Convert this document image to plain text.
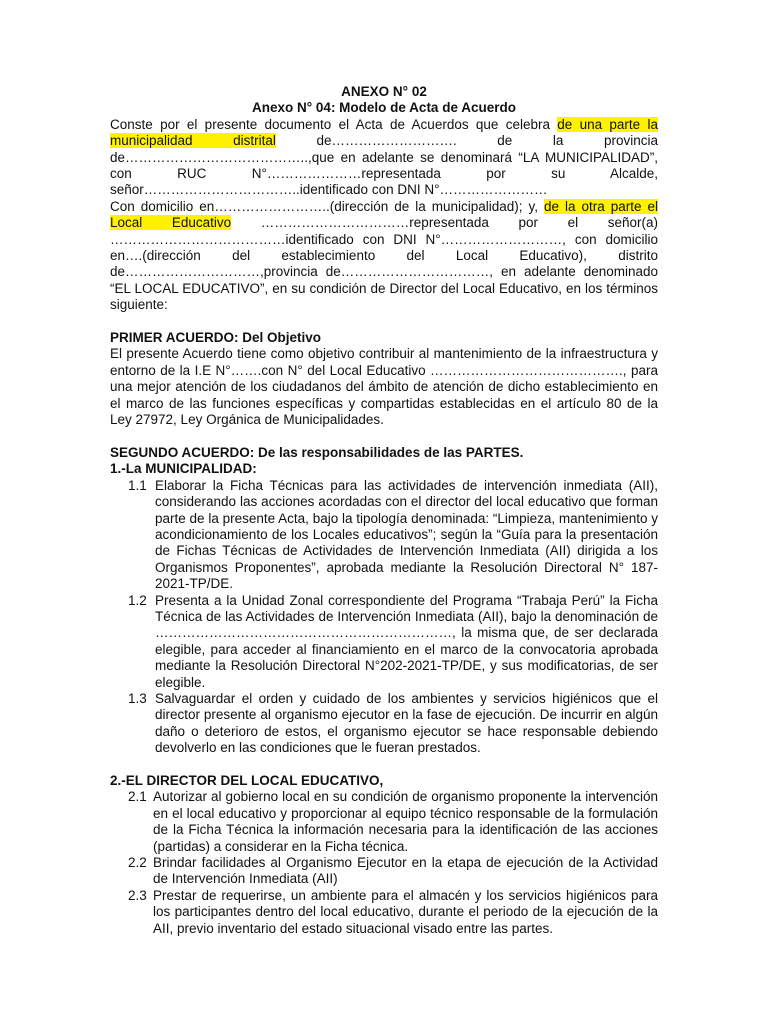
ANEXO N° 02
Anexo N° 04: Modelo de Acta de Acuerdo

Conste por el presente documento el Acta de Acuerdos que celebra de una parte la municipalidad distrital de………………………. de la provincia de…………………………………..,que en adelante se denominará “LA MUNICIPALIDAD”, con RUC N°…………………representada por su Alcalde, señor……………………………..identificado con DNI N°……………………

Con domicilio en……………………..(dirección de la municipalidad); y, de la otra parte el Local Educativo ……………………………representada por el señor(a) …………………………………identificado con DNI N°………………………, con domicilio en….(dirección del establecimiento del Local Educativo), distrito de…………………………,provincia de……………………………, en adelante denominado “EL LOCAL EDUCATIVO”, en su condición de Director del Local Educativo, en los términos siguiente:

PRIMER ACUERDO: Del Objetivo

El presente Acuerdo tiene como objetivo contribuir al mantenimiento de la infraestructura y entorno de la I.E N°…….con N° del Local Educativo ……………………………………., para una mejor atención de los ciudadanos del ámbito de atención de dicho establecimiento en el marco de las funciones específicas y compartidas establecidas en el artículo 80 de la Ley 27972, Ley Orgánica de Municipalidades.

SEGUNDO ACUERDO: De las responsabilidades de las PARTES.
1.-La MUNICIPALIDAD:
1.1 Elaborar la Ficha Técnicas para las actividades de intervención inmediata (AII), considerando las acciones acordadas con el director del local educativo que forman parte de la presente Acta, bajo la tipología denominada: “Limpieza, mantenimiento y acondicionamiento de los Locales educativos”; según la “Guía para la presentación de Fichas Técnicas de Actividades de Intervención Inmediata (AII) dirigida a los Organismos Proponentes”, aprobada mediante la Resolución Directoral N° 187-2021-TP/DE.
1.2 Presenta a la Unidad Zonal correspondiente del Programa “Trabaja Perú” la Ficha Técnica de las Actividades de Intervención Inmediata (AII), bajo la denominación de …………………………………………………………, la misma que, de ser declarada elegible, para acceder al financiamiento en el marco de la convocatoria aprobada mediante la Resolución Directoral N°202-2021-TP/DE, y sus modificatorias, de ser elegible.
1.3 Salvaguardar el orden y cuidado de los ambientes y servicios higiénicos que el director presente al organismo ejecutor en la fase de ejecución. De incurrir en algún daño o deterioro de estos, el organismo ejecutor se hace responsable debiendo devolverlo en las condiciones que le fueran prestados.
2.-EL DIRECTOR DEL LOCAL EDUCATIVO,
2.1 Autorizar al gobierno local en su condición de organismo proponente la intervención en el local educativo y proporcionar al equipo técnico responsable de la formulación de la Ficha Técnica la información necesaria para la identificación de las acciones (partidas) a considerar en la Ficha técnica.
2.2 Brindar facilidades al Organismo Ejecutor en la etapa de ejecución de la Actividad de Intervención Inmediata (AII)
2.3 Prestar de requerirse, un ambiente para el almacén y los servicios higiénicos para los participantes dentro del local educativo, durante el periodo de la ejecución de la AII, previo inventario del estado situacional visado entre las partes.
